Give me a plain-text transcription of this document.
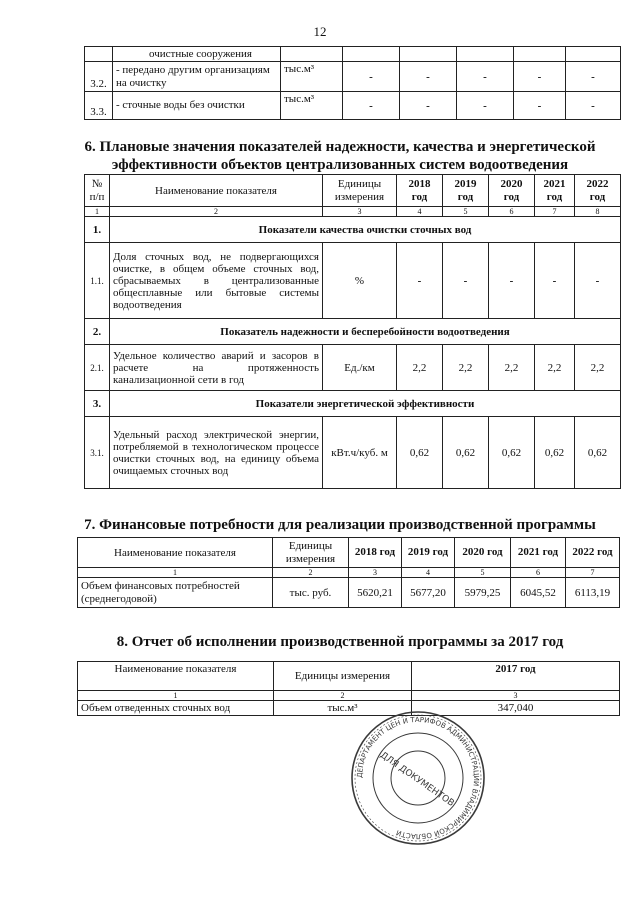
12
	очистные сооружения						
3.2.	- передано другим организациям на очистку	тыс.м³	-	-	-	-	-
3.3.	- сточные воды без очистки	тыс.м³	-	-	-	-	-
6. Плановые значения показателей надежности, качества и энергетической эффективности объектов централизованных систем водоотведения
№ п/п	Наименование показателя	Единицы измерения	2018 год	2019 год	2020 год	2021 год	2022 год
1	2	3	4	5	6	7	8
1.	Показатели качества очистки сточных вод						
1.1.	Доля сточных вод, не подвергающихся очистке, в общем объеме сточных вод, сбрасываемых в централизованные общесплавные или бытовые системы водоотведения	%	-	-	-	-	-
2.	Показатель надежности и бесперебойности водоотведения						
2.1.	Удельное количество аварий и засоров в расчете на протяженность канализационной сети в год	Ед./км	2,2	2,2	2,2	2,2	2,2
3.	Показатели энергетической эффективности						
3.1.	Удельный расход электрической энергии, потребляемой в технологическом процессе очистки сточных вод, на единицу объема очищаемых сточных вод	кВт.ч/куб. м	0,62	0,62	0,62	0,62	0,62
7. Финансовые потребности для реализации производственной программы
Наименование показателя	Единицы измерения	2018 год	2019 год	2020 год	2021 год	2022 год
1	2	3	4	5	6	7
Объем финансовых потребностей (среднегодовой)	тыс. руб.	5620,21	5677,20	5979,25	6045,52	6113,19
8. Отчет об исполнении производственной программы за 2017 год
Наименование показателя	Единицы измерения	2017 год
1	2	3
Объем отведенных сточных вод	тыс.м³	347,040
ДЕПАРТАМЕНТ ЦЕН И ТАРИФОВ АДМИНИСТРАЦИИ ВЛАДИМИРСКОЙ ОБЛАСТИ
ДЛЯ ДОКУМЕНТОВ
